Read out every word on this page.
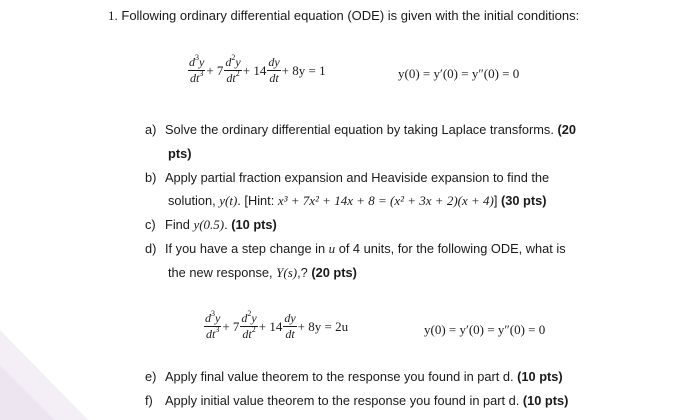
1. Following ordinary differential equation (ODE) is given with the initial conditions:
$\frac{d^3y}{dt^3} + 7 \frac{d^2y}{dt^2} + 14 \frac{dy}{dt} + 8y = 1$	y(0) = y′(0) = y″(0) = 0
a) Solve the ordinary differential equation by taking Laplace transforms. (20
pts)
b) Apply partial fraction expansion and Heaviside expansion to find the
solution, y(t). [Hint: x³ + 7x² + 14x + 8 = (x² + 3x + 2)(x + 4)] (30 pts)
c) Find y(0.5). (10 pts)
d) If you have a step change in u of 4 units, for the following ODE, what is
the new response, Y(s),? (20 pts)
$\frac{d^3y}{dt^3} + 7 \frac{d^2y}{dt^2} + 14 \frac{dy}{dt} + 8y = 2u$	y(0) = y′(0) = y″(0) = 0
e) Apply final value theorem to the response you found in part d. (10 pts)
f) Apply initial value theorem to the response you found in part d. (10 pts)
